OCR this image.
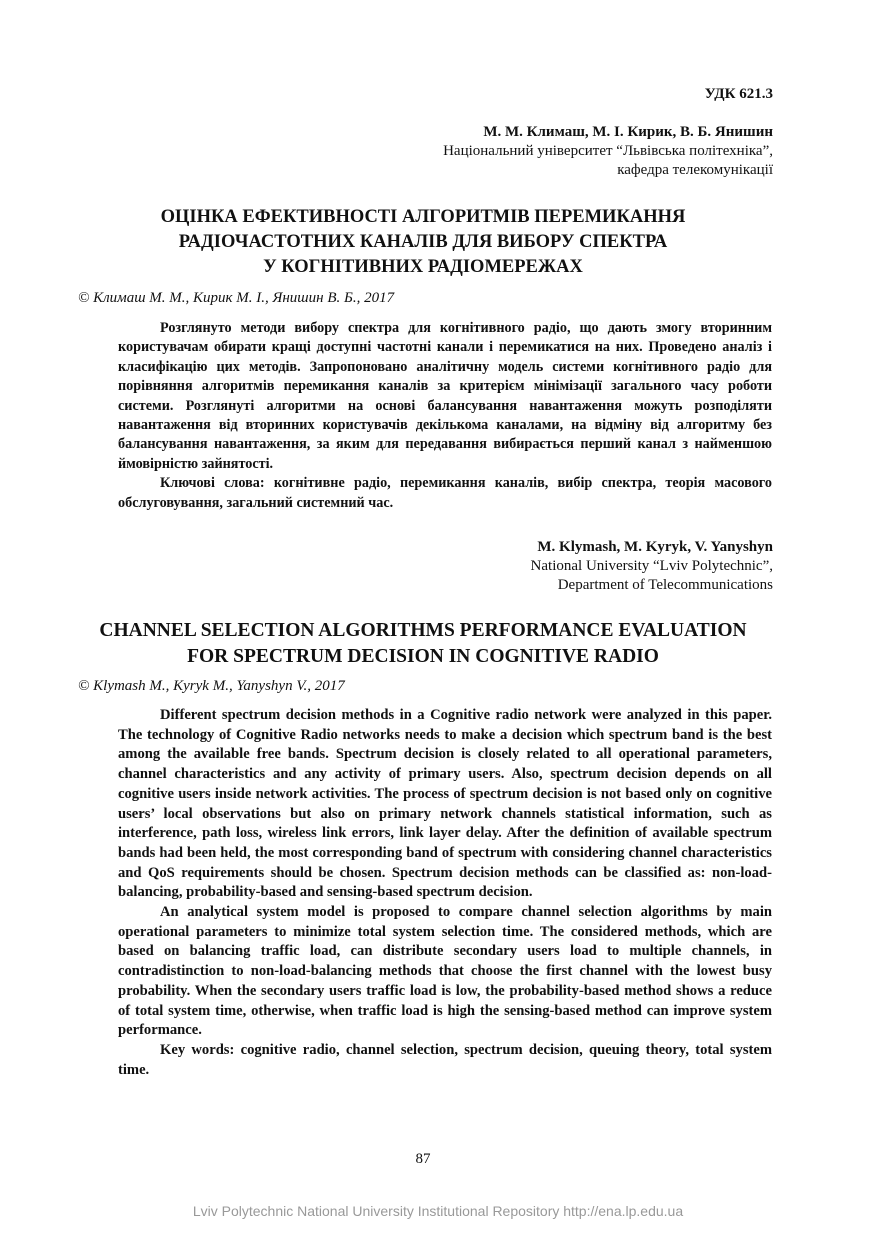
УДК 621.3
М. М. Климаш, М. І. Кирик, В. Б. Янишин
Національний університет “Львівська політехніка”,
кафедра телекомунікації
ОЦІНКА ЕФЕКТИВНОСТІ АЛГОРИТМІВ ПЕРЕМИКАННЯ
РАДІОЧАСТОТНИХ КАНАЛІВ ДЛЯ ВИБОРУ СПЕКТРА
У КОГНІТИВНИХ РАДІОМЕРЕЖАХ
© Климаш М. М., Кирик М. І., Янишин В. Б., 2017

Розглянуто методи вибору спектра для когнітивного радіо, що дають змогу вторинним користувачам обирати кращі доступні частотні канали і перемикатися на них. Проведено аналіз і класифікацію цих методів. Запропоновано аналітичну модель системи когнітивного радіо для порівняння алгоритмів перемикання каналів за критерієм мінімізації загального часу роботи системи. Розглянуті алгоритми на основі балансування навантаження можуть розподіляти навантаження від вторинних користувачів декількома каналами, на відміну від алгоритму без балансування навантаження, за яким для передавання вибирається перший канал з найменшою ймовірністю зайнятості.

Ключові слова: когнітивне радіо, перемикання каналів, вибір спектра, теорія масового обслуговування, загальний системний час.

M. Klymash, M. Kyryk, V. Yanyshyn
National University “Lviv Polytechnic”,
Department of Telecommunications
CHANNEL SELECTION ALGORITHMS PERFORMANCE EVALUATION
FOR SPECTRUM DECISION IN COGNITIVE RADIO
© Klymash M., Kyryk M., Yanyshyn V., 2017

Different spectrum decision methods in a Cognitive radio network were analyzed in this paper. The technology of Cognitive Radio networks needs to make a decision which spectrum band is the best among the available free bands. Spectrum decision is closely related to all operational parameters, channel characteristics and any activity of primary users. Also, spectrum decision depends on all cognitive users inside network activities. The process of spectrum decision is not based only on cognitive users’ local observations but also on primary network channels statistical information, such as interference, path loss, wireless link errors, link layer delay. After the definition of available spectrum bands had been held, the most corresponding band of spectrum with considering channel characteristics and QoS requirements should be chosen. Spectrum decision methods can be classified as: non-load-balancing, probability-based and sensing-based spectrum decision.

An analytical system model is proposed to compare channel selection algorithms by main operational parameters to minimize total system selection time. The considered methods, which are based on balancing traffic load, can distribute secondary users load to multiple channels, in contradistinction to non-load-balancing methods that choose the first channel with the lowest busy probability. When the secondary users traffic load is low, the probability-based method shows a reduce of total system time, otherwise, when traffic load is high the sensing-based method can improve system performance.

Key words: cognitive radio, channel selection, spectrum decision, queuing theory, total system time.

87
Lviv Polytechnic National University Institutional Repository http://ena.lp.edu.ua
